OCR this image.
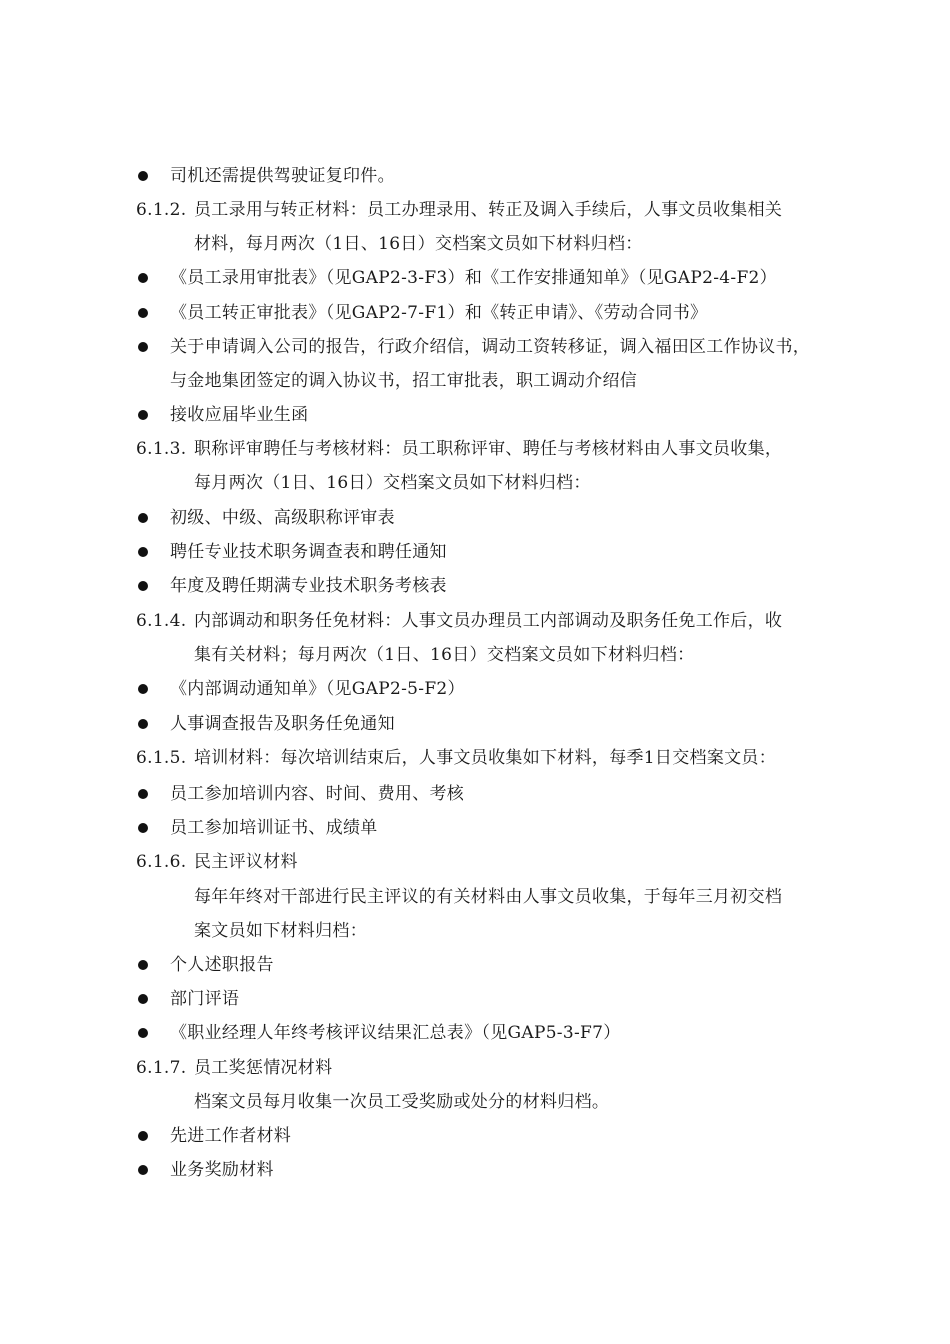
司机还需提供驾驶证复印件。
6.1.2. 员工录用与转正材料：员工办理录用、转正及调入手续后，人事文员收集相关
材料，每月两次（1日、16日）交档案文员如下材料归档：
《员工录用审批表》（见GAP2-3-F3）和《工作安排通知单》（见GAP2-4-F2）
《员工转正审批表》（见GAP2-7-F1）和《转正申请》、《劳动合同书》
关于申请调入公司的报告，行政介绍信，调动工资转移证，调入福田区工作协议书，
与金地集团签定的调入协议书，招工审批表，职工调动介绍信
接收应届毕业生函
6.1.3. 职称评审聘任与考核材料：员工职称评审、聘任与考核材料由人事文员收集，
每月两次（1日、16日）交档案文员如下材料归档：
初级、中级、高级职称评审表
聘任专业技术职务调查表和聘任通知
年度及聘任期满专业技术职务考核表
6.1.4. 内部调动和职务任免材料：人事文员办理员工内部调动及职务任免工作后，收
集有关材料；每月两次（1日、16日）交档案文员如下材料归档：
《内部调动通知单》（见GAP2-5-F2）
人事调查报告及职务任免通知
6.1.5. 培训材料：每次培训结束后，人事文员收集如下材料，每季1日交档案文员：
员工参加培训内容、时间、费用、考核
员工参加培训证书、成绩单
6.1.6. 民主评议材料
每年年终对干部进行民主评议的有关材料由人事文员收集，于每年三月初交档
案文员如下材料归档：
个人述职报告
部门评语
《职业经理人年终考核评议结果汇总表》（见GAP5-3-F7）
6.1.7. 员工奖惩情况材料
档案文员每月收集一次员工受奖励或处分的材料归档。
先进工作者材料
业务奖励材料
